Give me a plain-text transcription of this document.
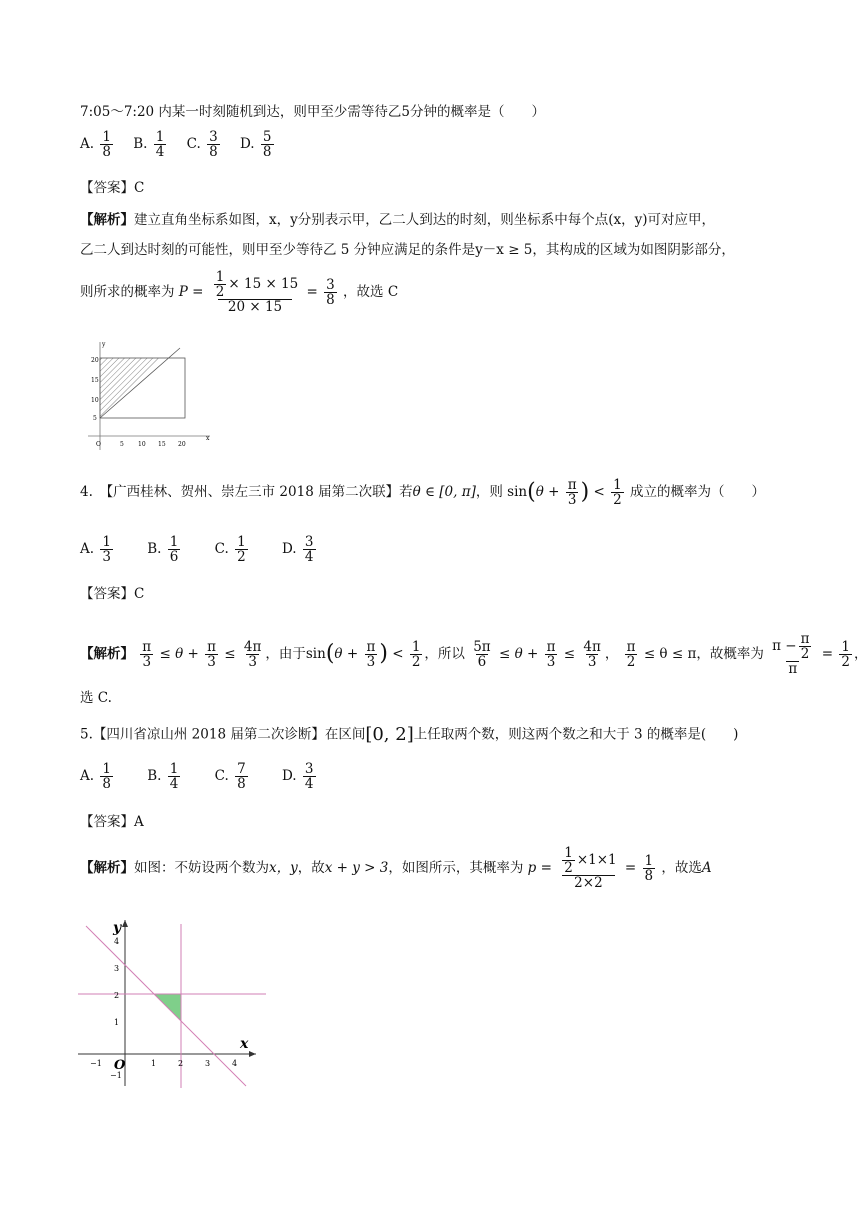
7:05～7:20 内某一时刻随机到达，则甲至少需等待乙5分钟的概率是（　　）
A. $\frac{1}{8} B$. $\frac{1}{4} C$. $\frac{3}{8} D$. $\frac{5}{8}$
【答案】C
【解析】建立直角坐标系如图，x，y分别表示甲，乙二人到达的时刻，则坐标系中每个点(x，y)可对应甲，
乙二人到达时刻的可能性，则甲至少等待乙 5 分钟应满足的条件是y－x ≥ 5，其构成的区域为如图阴影部分，
则所求的概率为 $P = \frac{\frac{1}{2} \times 15 \times 15}{20 \times 15} = \frac{3}{8}$ ，故选 C
20
15
10
5
O	5 10 15 20
x
y
4.　【广西桂林、贺州、崇左三市 2018 届第二次联】若θ ∈ [0, π]，则 $\sin(\theta + \frac{\pi}{3}$ ) < $\frac{1}{2}$ 成立的概率为（　　）
A. $\frac{1}{3}$	B. $\frac{1}{6}$	C. $\frac{1}{2}$	D. $\frac{3}{4}$
【答案】C
【解析】 $\frac{\pi}{3} \le \theta + \frac{\pi}{3} \le \frac{4\pi}{3}$ ，由于$\sin(\theta + \frac{\pi}{3}$ ) < $\frac{1}{2}$ ，所以 $\frac{5\pi}{6} \le \theta + \frac{\pi}{3} \le \frac{4\pi}{3}$ ， $\frac{\pi}{2} \le \theta \le \pi$，故概率为 $\frac{\pi - \frac{\pi}{2}}{\pi} = \frac{1}{2}$ ，
选 C.
5.【四川省凉山州 2018 届第二次诊断】在区间[0, 2]上任取两个数，则这两个数之和大于 3 的概率是(　　)
A. $\frac{1}{8}$	B. $\frac{1}{4}$	C. $\frac{7}{8}$	D. $\frac{3}{4}$
【答案】A
【解析】如图：不妨设两个数为x，y，故x + y > 3，如图所示，其概率为 $p = \frac{\frac{1}{2} \times 1\times 1}{2\times 2} = \frac{1}{8}$ ，故选A
4
3
2
1
−1
−1 O	1	2	3	4
x
y
